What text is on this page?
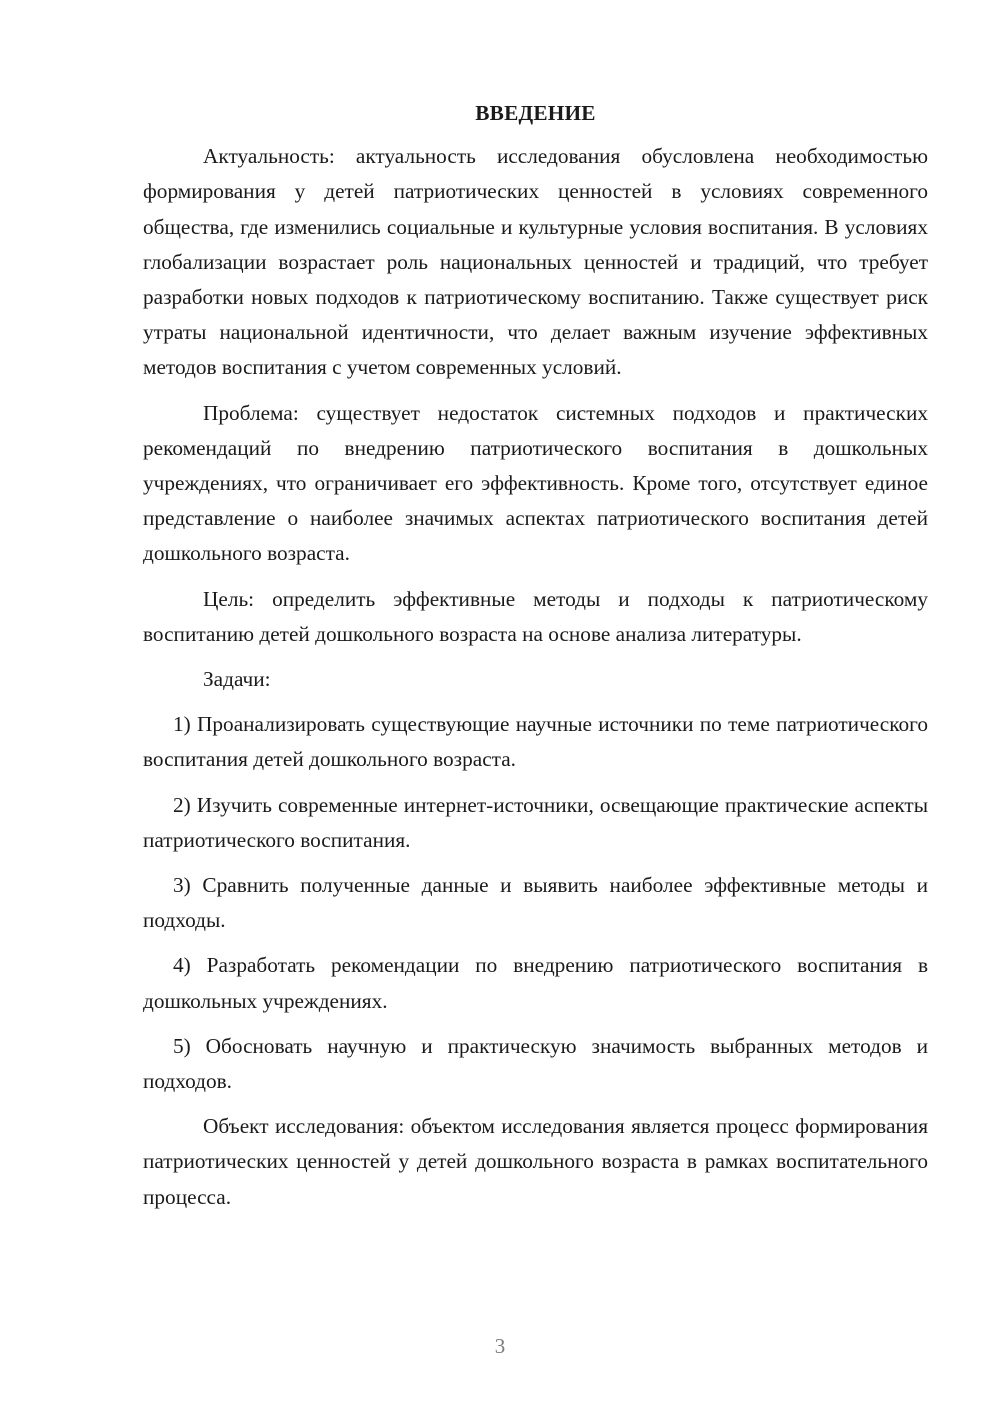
ВВЕДЕНИЕ

Актуальность: актуальность исследования обусловлена необходимостью формирования у детей патриотических ценностей в условиях современного общества, где изменились социальные и культурные условия воспитания. В условиях глобализации возрастает роль национальных ценностей и традиций, что требует разработки новых подходов к патриотическому воспитанию. Также существует риск утраты национальной идентичности, что делает важным изучение эффективных методов воспитания с учетом современных условий.

Проблема: существует недостаток системных подходов и практических рекомендаций по внедрению патриотического воспитания в дошкольных учреждениях, что ограничивает его эффективность. Кроме того, отсутствует единое представление о наиболее значимых аспектах патриотического воспитания детей дошкольного возраста.

Цель: определить эффективные методы и подходы к патриотическому воспитанию детей дошкольного возраста на основе анализа литературы.

Задачи:

1) Проанализировать существующие научные источники по теме патриотического воспитания детей дошкольного возраста.

2) Изучить современные интернет-источники, освещающие практические аспекты патриотического воспитания.

3) Сравнить полученные данные и выявить наиболее эффективные методы и подходы.

4) Разработать рекомендации по внедрению патриотического воспитания в дошкольных учреждениях.

5) Обосновать научную и практическую значимость выбранных методов и подходов.

Объект исследования: объектом исследования является процесс формирования патриотических ценностей у детей дошкольного возраста в рамках воспитательного процесса.

3
